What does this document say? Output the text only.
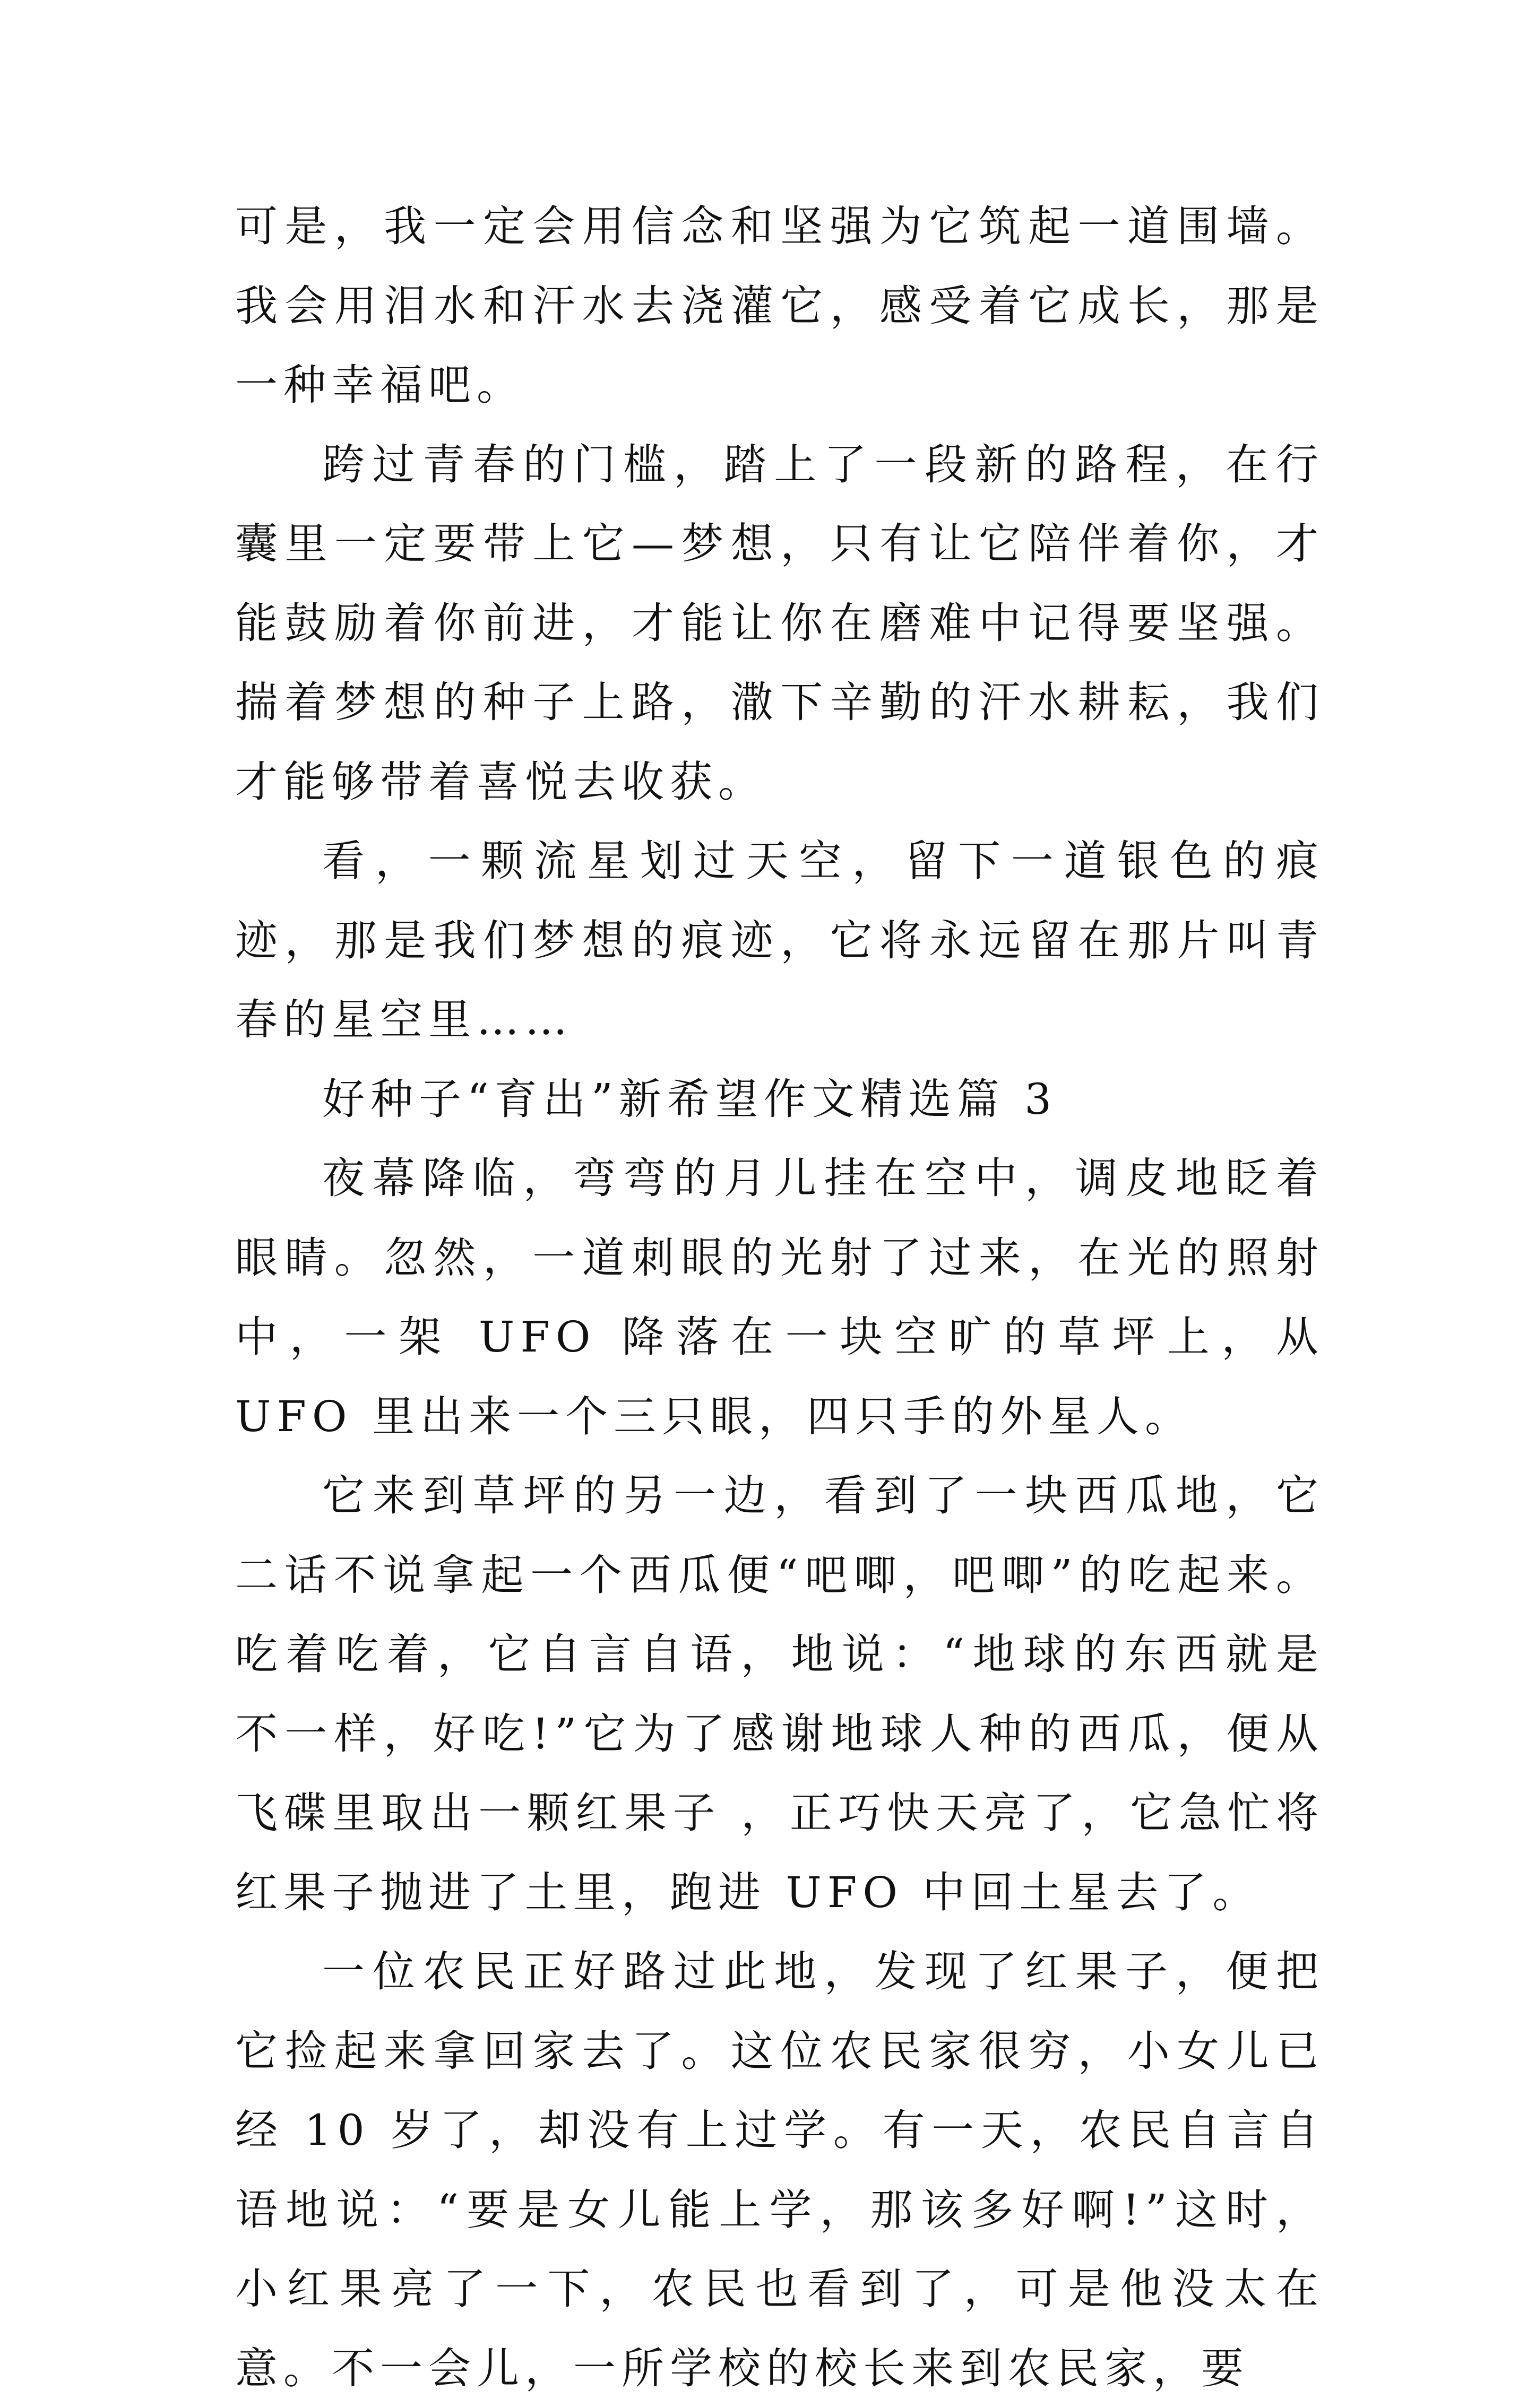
可是，我一定会用信念和坚强为它筑起一道围墙。我会用泪水和汗水去浇灌它，感受着它成长，那是一种幸福吧。

跨过青春的门槛，踏上了一段新的路程，在行囊里一定要带上它—梦想，只有让它陪伴着你，才能鼓励着你前进，才能让你在磨难中记得要坚强。揣着梦想的种子上路，潵下辛勤的汗水耕耘，我们才能够带着喜悦去收获。

看，一颗流星划过天空，留下一道银色的痕迹，那是我们梦想的痕迹，它将永远留在那片叫青春的星空里……

好种子“育出”新希望作文精选篇 3

夜幕降临，弯弯的月儿挂在空中，调皮地眨着眼睛。忽然，一道刺眼的光射了过来，在光的照射中，一架 UFO 降落在一块空旷的草坪上，从 UFO 里出来一个三只眼，四只手的外星人。

它来到草坪的另一边，看到了一块西瓜地，它二话不说拿起一个西瓜便“吧唧，吧唧”的吃起来。吃着吃着，它自言自语，地说：“地球的东西就是不一样，好吃!”它为了感谢地球人种的西瓜，便从飞碟里取出一颗红果子 ，正巧快天亮了，它急忙将红果子抛进了土里，跑进 UFO 中回土星去了。

一位农民正好路过此地，发现了红果子，便把它捡起来拿回家去了。这位农民家很穷，小女儿已经 10 岁了，却没有上过学。有一天，农民自言自语地说：“要是女儿能上学，那该多好啊!”这时，小红果亮了一下，农民也看到了，可是他没太在意。不一会儿，一所学校的校长来到农民家，要
